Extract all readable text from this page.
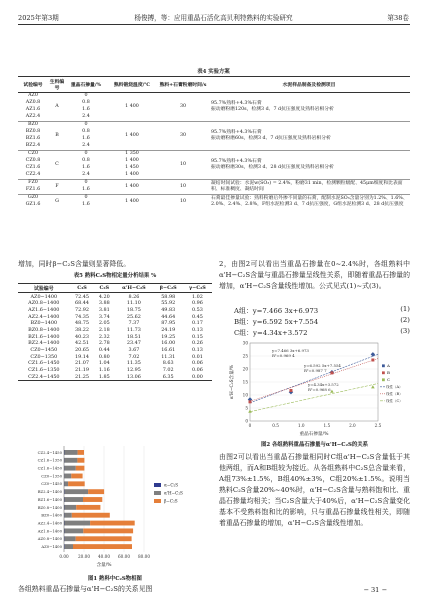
2025年第3期	杨俊搏，等：应用重晶石活化高贝利特熟料的实验研究	第38卷
表4 实验方案
试验编号	生料编号	重晶石掺量/%	熟料锻烧温度/℃	熟料+石膏粉磨时间/s	水泥样品制备及检测项目
AZ0	A	0	1 400	30	95.7%熟料+4.3%石膏
振动磨粉磨120s，检测3 d、7 d抗压强度及熟料岩相分析
AZ0.8		0.8			
AZ1.6		1.6			
AZ2.4		2.4			
BZ0	B	0	1 400	30	95.7%熟料+4.3%石膏
振动磨粉磨60s，检测3 d、7 d抗压强度及熟料岩相分析
BZ0.8		0.8			
BZ1.6		1.6			
BZ2.4		2.4			
CZ0	C	0	1 350	10	95.7%熟料+4.3%石膏
振动磨粉磨30s，检测3 d、28 d抗压强度及熟料岩相分析
CZ0.8		0.8	1 400		
CZ1.6		1.6	1 450		
CZ2.4		2.4	1 400		
FZ0	F	0	1 400	10	凝结时间试验：水泥w(SO₃) = 2.4%，粉磨31 min，检测颗粒级配、45μm细度和比表面积、标准稠度、凝结时间
FZ1.6		1.6			
GZ0	G	0	1 400	10	石膏最佳掺量试验：熟料粉磨后外掺不同量的石膏，配制水泥SO₃含量分别为1.2%、1.6%、2.0%、2.4%、2.8%，F组水泥检测3 d、7 d抗压强度，G组水泥检测3 d、28 d抗压强度
GZ1.6		1.6			
增加，同时β−C₂S含量则显著降低。
表5 熟料C₂S物相定量分析结果 %
试验编号	C₃S	C₂S	α'H−C₂S	β−C₂S	γ−C₂S
AZ0−1400	72.45	4.20	8.26	58.98	1.02
AZ0.8−1400	68.44	3.88	11.10	55.92	0.96
AZ1.6−1400	72.92	3.81	18.75	49.83	0.53
AZ2.4−1400	74.35	3.74	25.62	44.64	0.45
BZ0−1400	48.75	2.05	7.37	87.95	0.17
BZ0.8−1400	38.22	2.18	11.73	24.19	0.13
BZ1.6−1400	40.23	2.32	18.51	19.25	0.15
BZ2.4−1400	42.51	2.78	23.47	16.00	0.26
CZ0−1450	20.65	0.44	3.67	16.61	0.13
CZ0−1350	19.14	0.80	7.02	11.31	0.01
CZ1.6−1450	21.07	1.04	11.35	8.63	0.06
CZ1.6−1350	21.19	1.16	12.95	7.02	0.06
CZ2.4−1450	21.25	1.85	13.06	6.35	0.00
0.00 20.00 40.00 60.00 80.00
CZ2.4−1450
CZ1.6−1350
CZ1.6−1450
CZ0−1350
CZ0−1450
BZ2.4−1400
BZ1.6−1400
BZ0.8−1400
BZ0−1400
AZ2.4−1400
AZ1.6−1400
AZ0.8−1400
AZ0−1400
含量/%
α−C₂S
α'H−C₂S
β−C₂S
图1 熟料中C₂S物相图
各组熟料重晶石掺量与α'H−C₂S的关系见图
2，由图2可以看出当重晶石掺量在0~2.4%时，各组熟料中α'H−C₂S含量与重晶石掺量呈线性关系，即随着重晶石掺量的增加，α'H−C₂S含量线性增加。公式见式(1)~式(3)。
A组：y=7.466 3x+6.973	(1)
B组：y=6.592 5x+7.554	(2)
C组：y=4.34x+3.572	(3)
0
5
10
15
20
25
30
0	0.5	1.0	1.5	2.0	2.5
y=7.466 3x+6.973
R²=0.969 4
y=6.592 5x+7.554
R²=0.987 7
y=4.34x+3.572
R²=0.968 6
A
B
C
线性（A）
线性（B）
线性（C）
重晶石掺量/%
α'H−C₂S含量/%
图2 各组熟料重晶石掺量与α'H−C₂S的关系
由图2可以看出当重晶石掺量相同时C组α'H−C₂S含量低于其他两组，而A和B组较为接近。从各组熟料中C₂S总含量来看，A组73%±1.5%，B组40%±3%，C组20%±1.5%。说明当熟料C₂S含量20%~40%时，α'H−C₂S含量与熟料饱和比、重晶石掺量均相关；当C₂S含量大于40%后，α'H−C₂S含量变化基本不受熟料饱和比的影响，只与重晶石掺量线性相关，即随着重晶石掺量的增加，α'H−C₂S含量线性增加。
− 31 −
